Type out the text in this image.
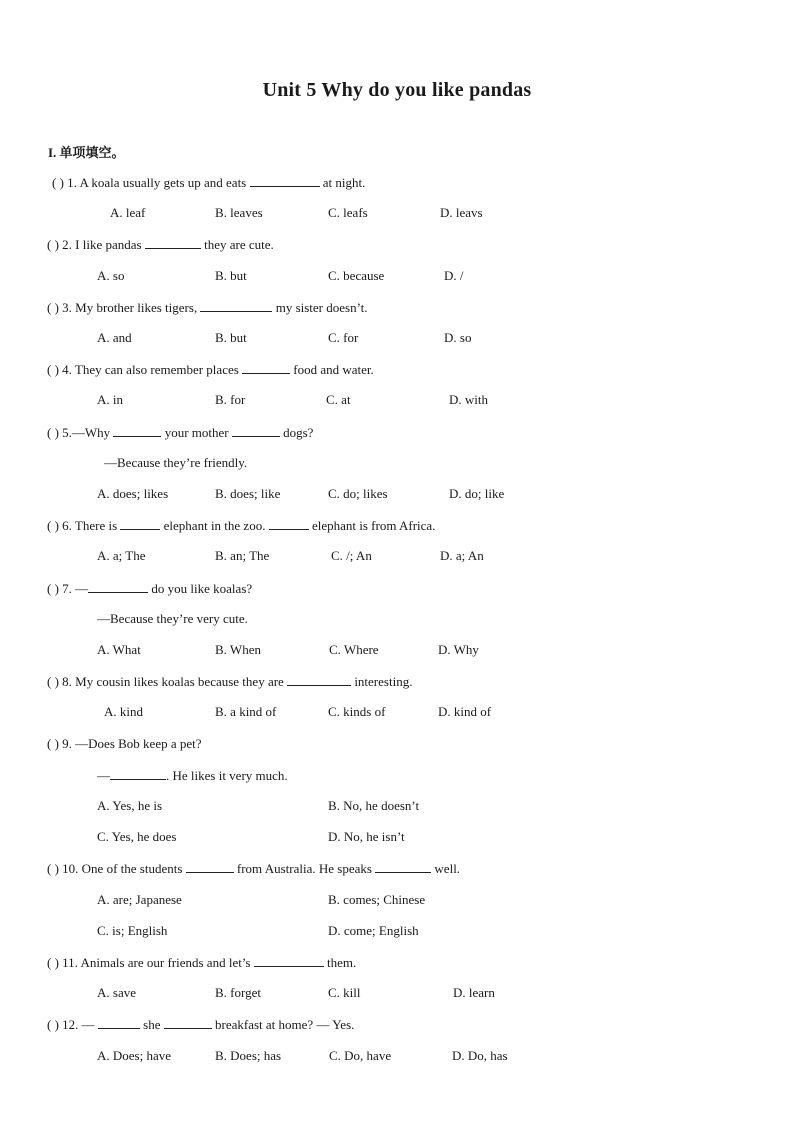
Unit 5 Why do you like pandas
I. 单项填空。
( ) 1. A koala usually gets up and eats	at night.
A. leaf	B. leaves	C. leafs	D. leavs
( ) 2. I like pandas	they are cute.
A. so	B. but	C. because	D. /
( ) 3. My brother likes tigers,	my sister doesn’t.
A. and	B. but	C. for	D. so
( ) 4. They can also remember places	food and water.
A. in	B. for	C. at	D. with
( ) 5.—Why	your mother	dogs?
—Because they’re friendly.
A. does; likes	B. does; like	C. do; likes	D. do; like
( ) 6. There is	elephant in the zoo.	elephant is from Africa.
A. a; The	B. an; The	C. /; An	D. a; An
( ) 7. —	do you like koalas?
—Because they’re very cute.
A. What	B. When	C. Where	D. Why
( ) 8. My cousin likes koalas because they are	interesting.
A. kind	B. a kind of	C. kinds of	D. kind of
( ) 9. —Does Bob keep a pet?
—	. He likes it very much.
A. Yes, he is	B. No, he doesn’t
C. Yes, he does	D. No, he isn’t
( ) 10. One of the students	from Australia. He speaks	well.
A. are; Japanese	B. comes; Chinese
C. is; English	D. come; English
( ) 11. Animals are our friends and let’s	them.
A. save	B. forget	C. kill	D. learn
( ) 12. —	she	breakfast at home? — Yes.
A. Does; have	B. Does; has	C. Do, have	D. Do, has
